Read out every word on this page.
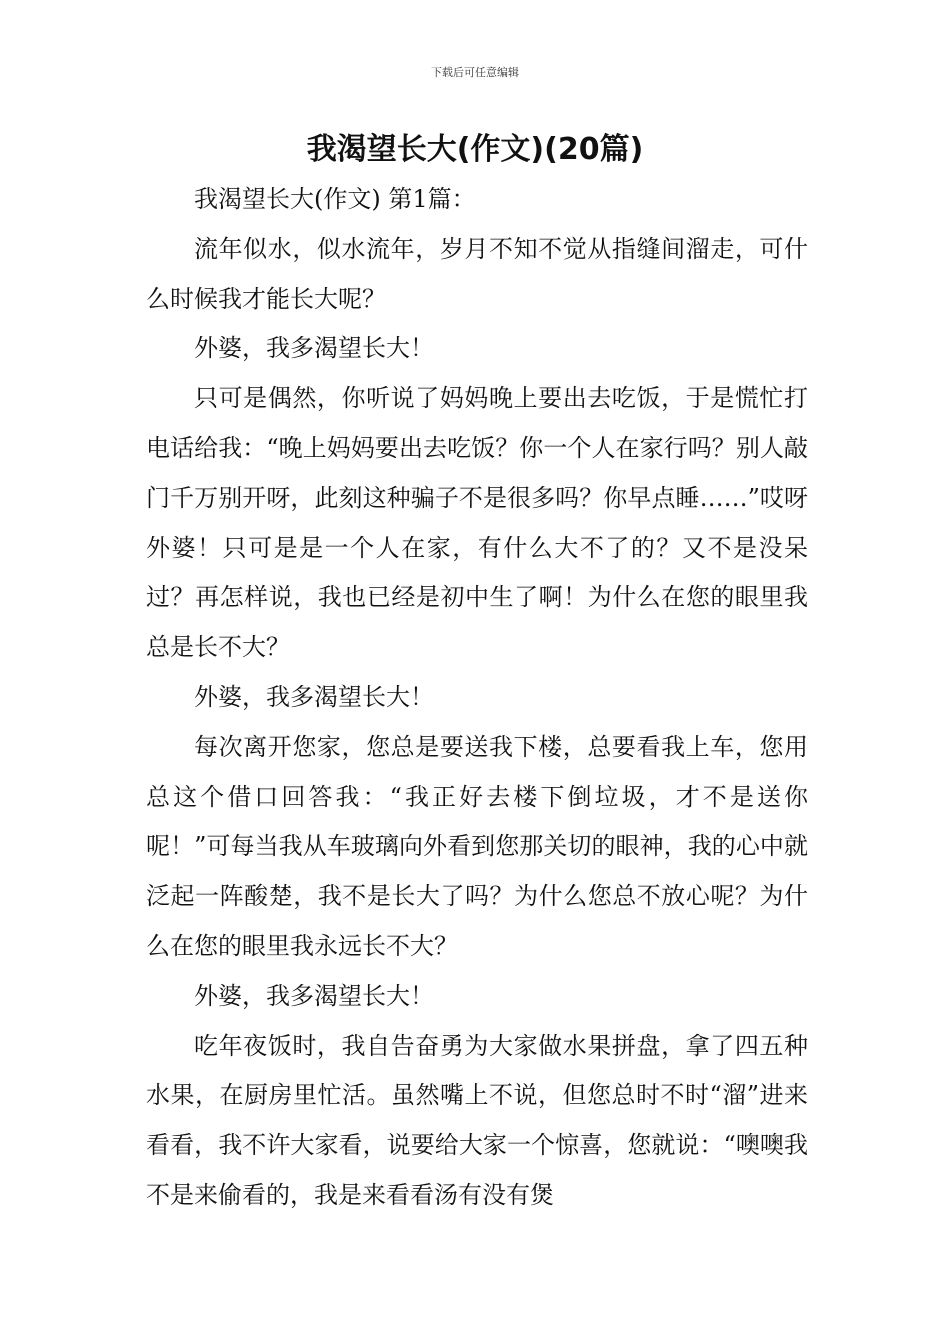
下载后可任意编辑
我渴望长大(作文)(20篇)

我渴望长大(作文) 第1篇：

流年似水，似水流年，岁月不知不觉从指缝间溜走，可什么时候我才能长大呢？

外婆，我多渴望长大！

只可是偶然，你听说了妈妈晚上要出去吃饭，于是慌忙打电话给我：“晚上妈妈要出去吃饭？你一个人在家行吗？别人敲门千万别开呀，此刻这种骗子不是很多吗？你早点睡……”哎呀外婆！只可是是一个人在家，有什么大不了的？又不是没呆过？再怎样说，我也已经是初中生了啊！为什么在您的眼里我总是长不大？

外婆，我多渴望长大！

每次离开您家，您总是要送我下楼，总要看我上车，您用总这个借口回答我：“我正好去楼下倒垃圾，才不是送你呢！”可每当我从车玻璃向外看到您那关切的眼神，我的心中就泛起一阵酸楚，我不是长大了吗？为什么您总不放心呢？为什么在您的眼里我永远长不大？

外婆，我多渴望长大！

吃年夜饭时，我自告奋勇为大家做水果拼盘，拿了四五种水果，在厨房里忙活。虽然嘴上不说，但您总时不时“溜”进来看看，我不许大家看，说要给大家一个惊喜，您就说：“噢噢我不是来偷看的，我是来看看汤有没有煲
